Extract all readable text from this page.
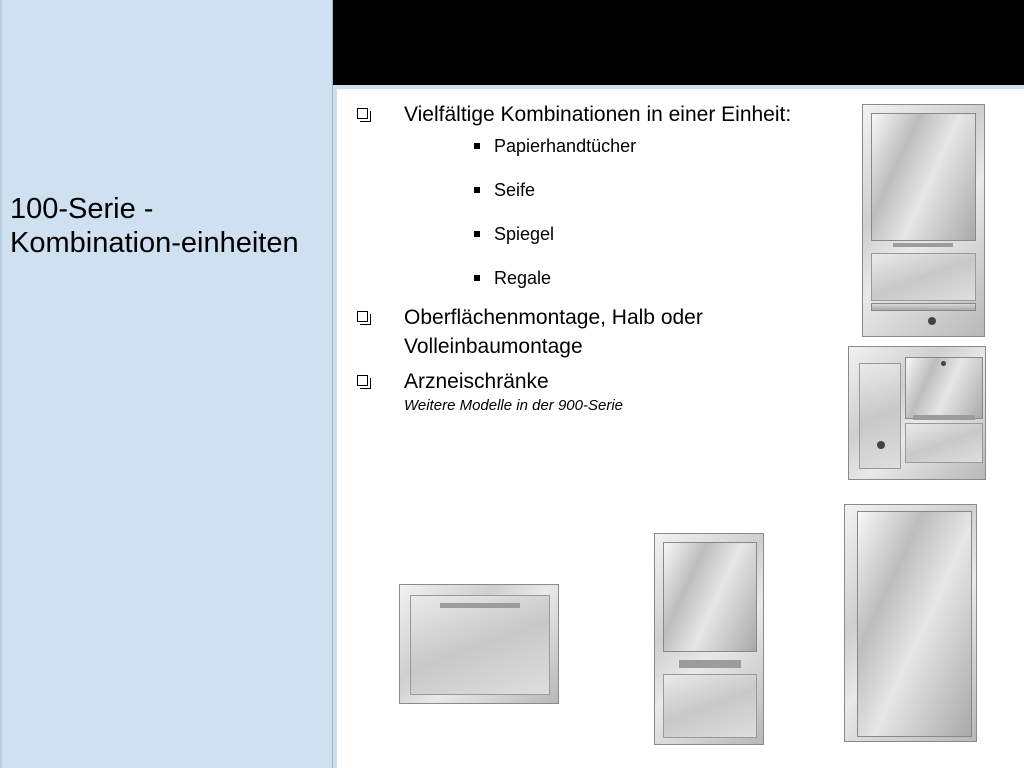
100-Serie - Kombination-einheiten
Vielfältige Kombinationen in einer Einheit:
Papierhandtücher
Seife
Spiegel
Regale
Oberflächenmontage, Halb oder Volleinbaumontage
Arzneischränke
Weitere Modelle in der 900-Serie
